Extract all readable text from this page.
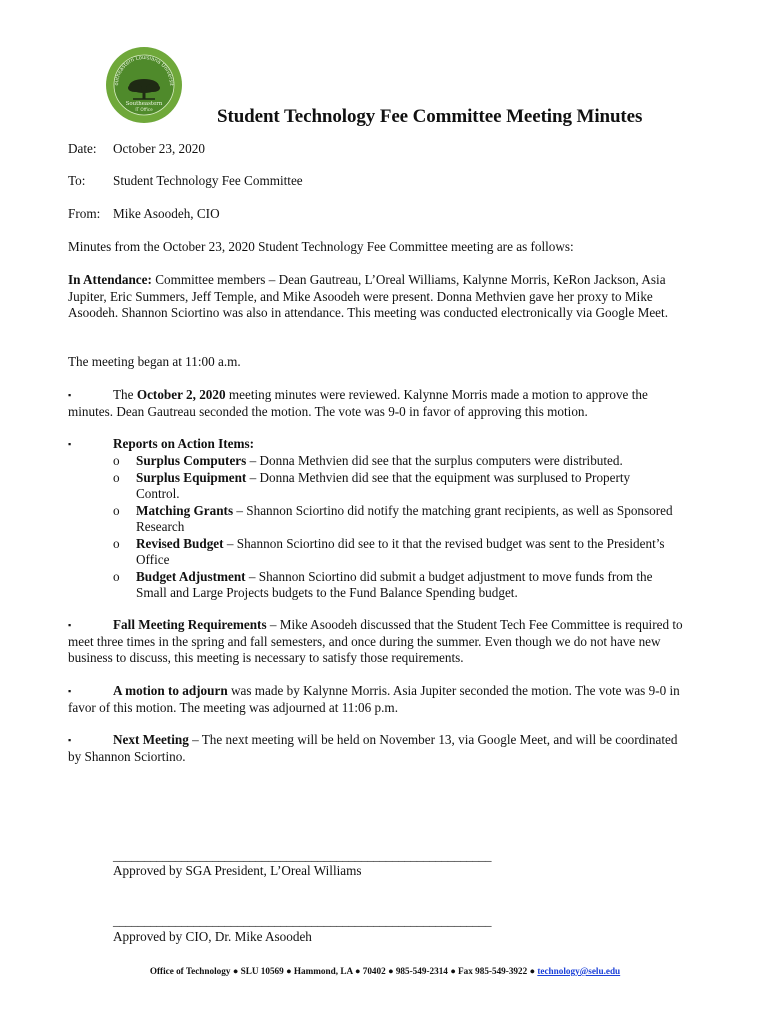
outheastern Louisiana Universit
Southeastern
IT Office	Student Technology Fee Committee Meeting Minutes
Date: October 23, 2020
To: Student Technology Fee Committee
From: Mike Asoodeh, CIO
Minutes from the October 23, 2020 Student Technology Fee Committee meeting are as follows:
In Attendance: Committee members – Dean Gautreau, L’Oreal Williams, Kalynne Morris, KeRon Jackson, Asia Jupiter, Eric Summers, Jeff Temple, and Mike Asoodeh were present. Donna Methvien gave her proxy to Mike Asoodeh. Shannon Sciortino was also in attendance. This meeting was conducted electronically via Google Meet.
The meeting began at 11:00 a.m.
▪	The October 2, 2020 meeting minutes were reviewed. Kalynne Morris made a motion to approve the minutes. Dean Gautreau seconded the motion. The vote was 9-0 in favor of approving this motion.
▪	Reports on Action Items:
o	Surplus Computers – Donna Methvien did see that the surplus computers were distributed.
o	Surplus Equipment – Donna Methvien did see that the equipment was surplused to Property Control.
o	Matching Grants – Shannon Sciortino did notify the matching grant recipients, as well as Sponsored Research
o	Revised Budget – Shannon Sciortino did see to it that the revised budget was sent to the President’s Office
o	Budget Adjustment – Shannon Sciortino did submit a budget adjustment to move funds from the Small and Large Projects budgets to the Fund Balance Spending budget.
▪	Fall Meeting Requirements – Mike Asoodeh discussed that the Student Tech Fee Committee is required to meet three times in the spring and fall semesters, and once during the summer. Even though we do not have new business to discuss, this meeting is necessary to satisfy those requirements.
▪	A motion to adjourn was made by Kalynne Morris. Asia Jupiter seconded the motion. The vote was 9-0 in favor of this motion. The meeting was adjourned at 11:06 p.m.
▪	Next Meeting – The next meeting will be held on November 13, via Google Meet, and will be coordinated by Shannon Sciortino.
_____________________________________________________________
Approved by SGA President, L’Oreal Williams
_____________________________________________________________
Approved by CIO, Dr. Mike Asoodeh
Office of Technology ● SLU 10569 ● Hammond, LA ● 70402 ● 985-549-2314 ● Fax 985-549-3922 ● technology@selu.edu
